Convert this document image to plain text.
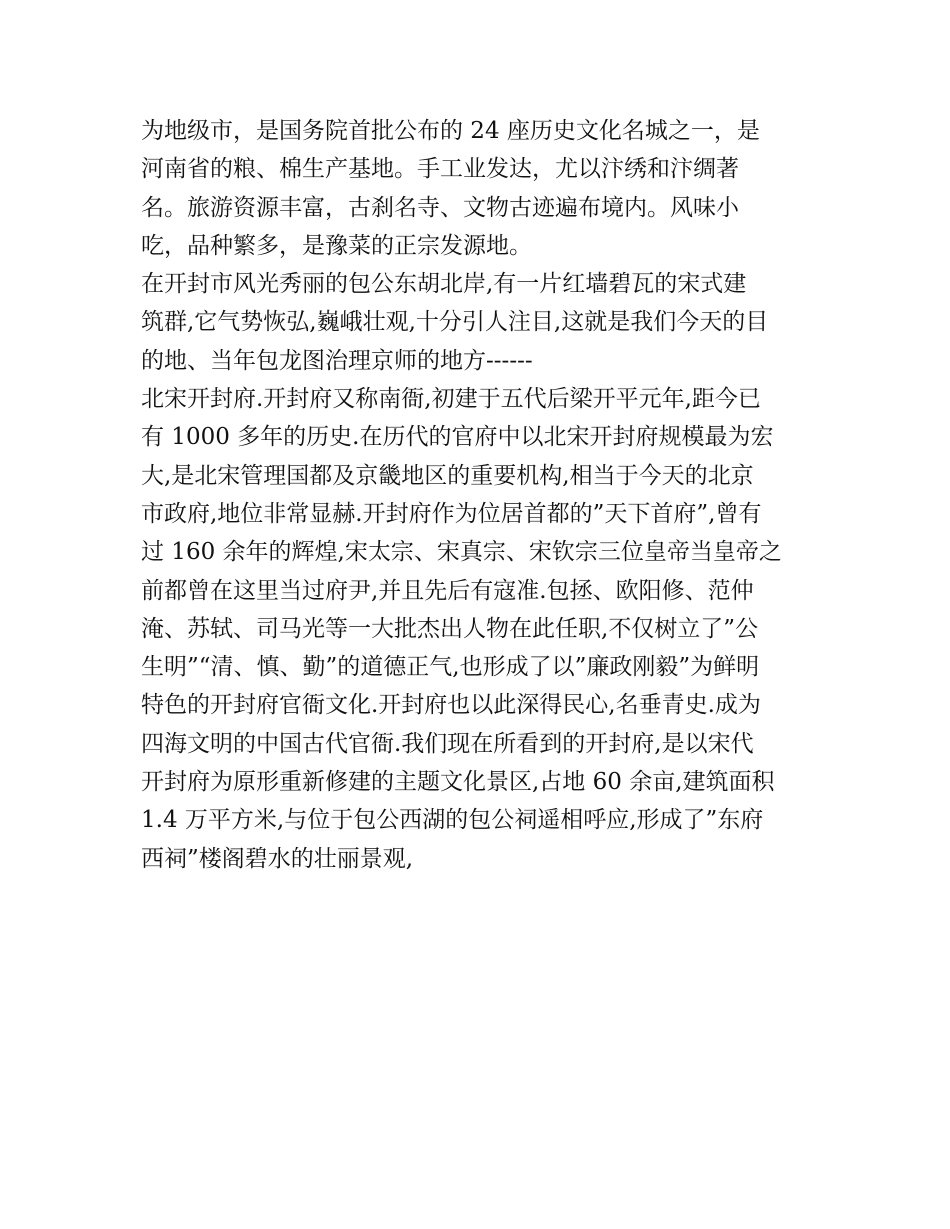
为地级市，是国务院首批公布的 24 座历史文化名城之一，是
河南省的粮、棉生产基地。手工业发达，尤以汴绣和汴绸著
名。旅游资源丰富，古刹名寺、文物古迹遍布境内。风味小
吃，品种繁多，是豫菜的正宗发源地。
在开封市风光秀丽的包公东胡北岸,有一片红墙碧瓦的宋式建
筑群,它气势恢弘,巍峨壮观,十分引人注目,这就是我们今天的目
的地、当年包龙图治理京师的地方------
北宋开封府.开封府又称南衙,初建于五代后梁开平元年,距今已
有 1000 多年的历史.在历代的官府中以北宋开封府规模最为宏
大,是北宋管理国都及京畿地区的重要机构,相当于今天的北京
市政府,地位非常显赫.开封府作为位居首都的”天下首府”,曾有
过 160 余年的辉煌,宋太宗、宋真宗、宋钦宗三位皇帝当皇帝之
前都曾在这里当过府尹,并且先后有寇准.包拯、欧阳修、范仲
淹、苏轼、司马光等一大批杰出人物在此任职,不仅树立了”公
生明”“清、慎、勤”的道德正气,也形成了以”廉政刚毅”为鲜明
特色的开封府官衙文化.开封府也以此深得民心,名垂青史.成为
四海文明的中国古代官衙.我们现在所看到的开封府,是以宋代
开封府为原形重新修建的主题文化景区,占地 60 余亩,建筑面积
1.4 万平方米,与位于包公西湖的包公祠遥相呼应,形成了”东府
西祠”楼阁碧水的壮丽景观,
